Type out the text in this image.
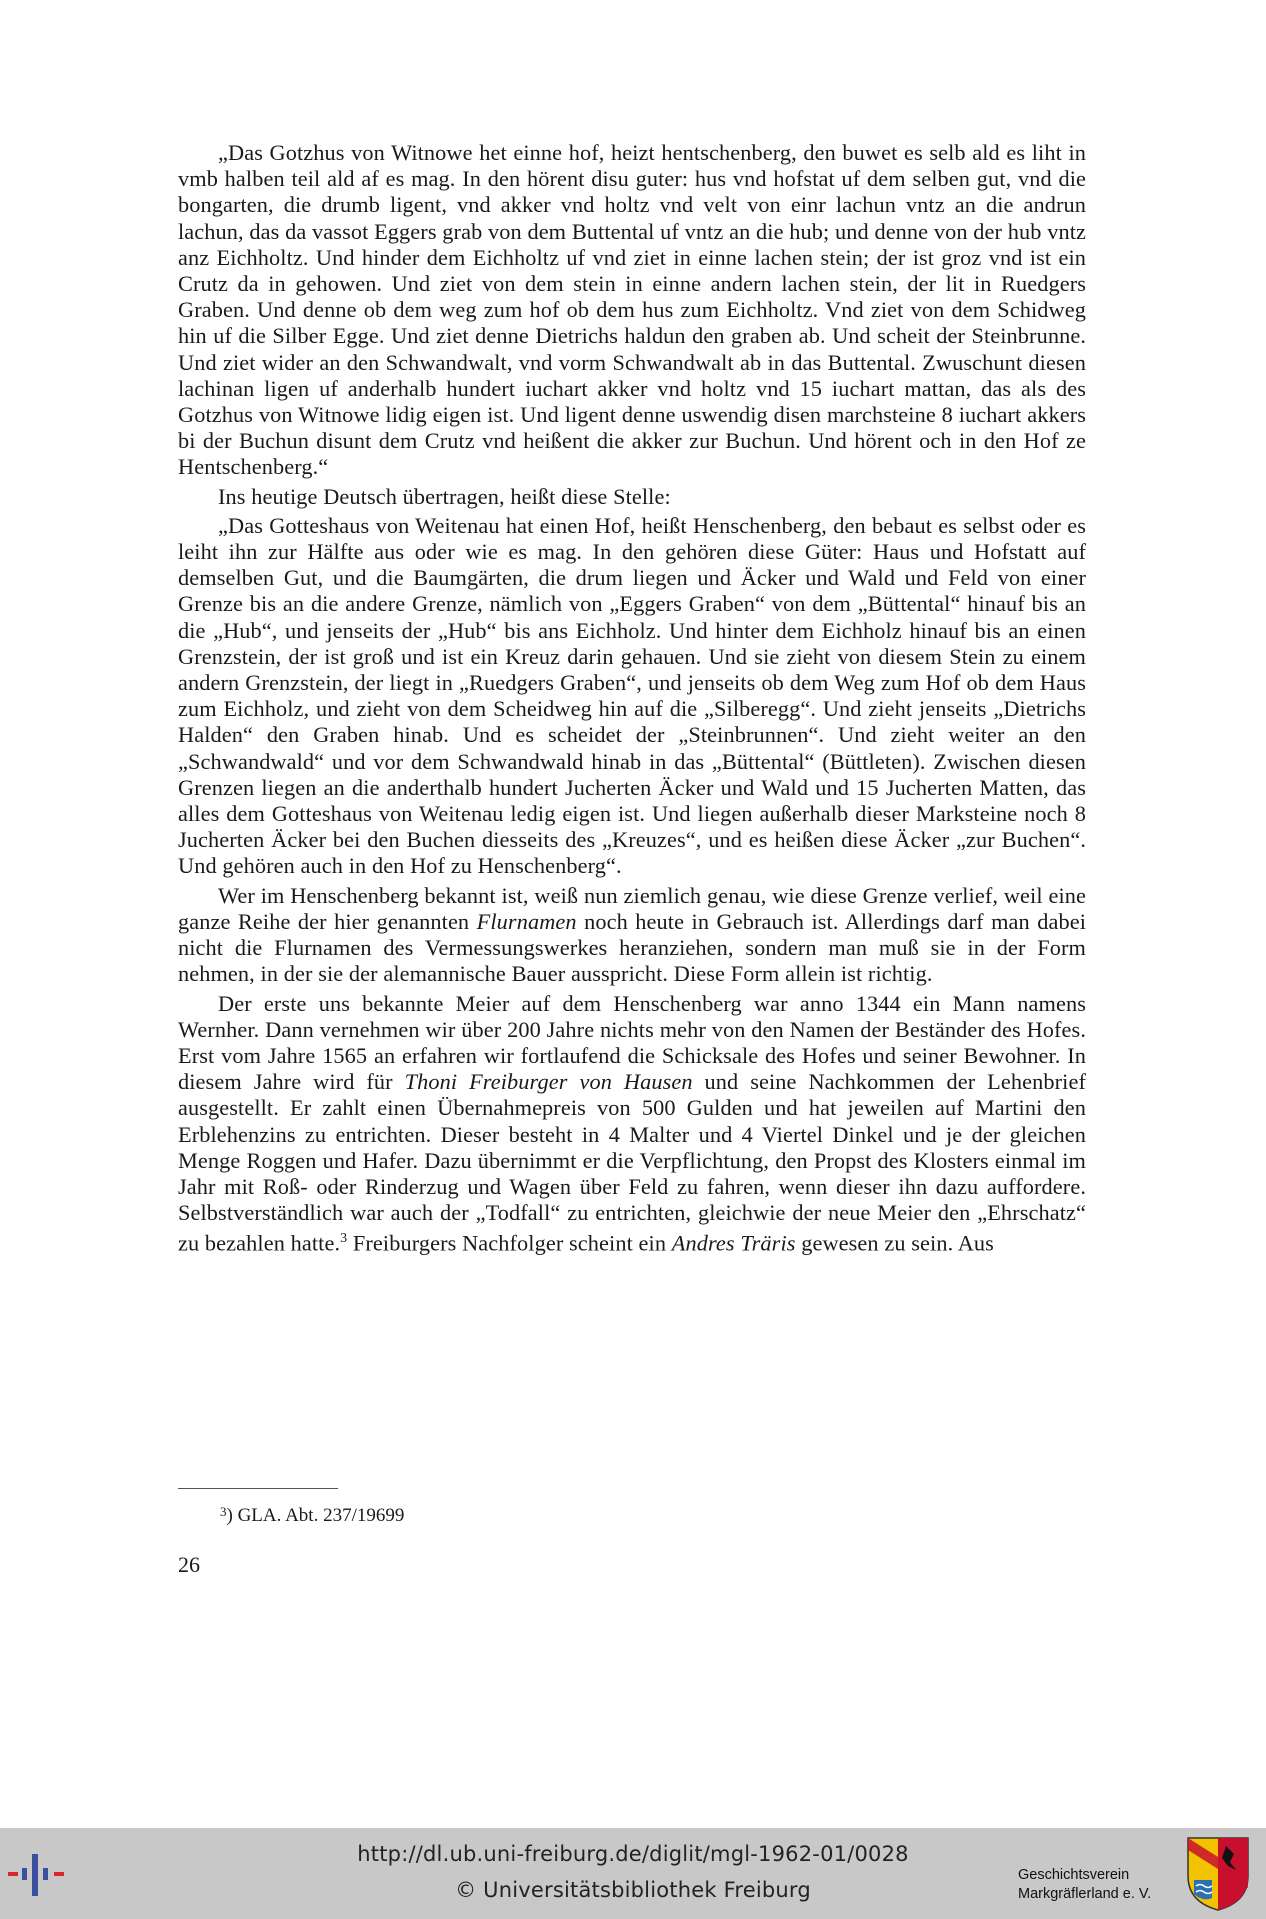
„Das Gotzhus von Witnowe het einne hof, heizt hentschenberg, den buwet es selb ald es liht in vmb halben teil ald af es mag. In den hörent disu guter: hus vnd hofstat uf dem selben gut, vnd die bongarten, die drumb ligent, vnd akker vnd holtz vnd velt von einr lachun vntz an die andrun lachun, das da vassot Eggers grab von dem Buttental uf vntz an die hub; und denne von der hub vntz anz Eichholtz. Und hinder dem Eichholtz uf vnd ziet in einne lachen stein; der ist groz vnd ist ein Crutz da in gehowen. Und ziet von dem stein in einne andern lachen stein, der lit in Ruedgers Graben. Und denne ob dem weg zum hof ob dem hus zum Eichholtz. Vnd ziet von dem Schidweg hin uf die Silber Egge. Und ziet denne Dietrichs haldun den graben ab. Und scheit der Steinbrunne. Und ziet wider an den Schwandwalt, vnd vorm Schwandwalt ab in das Buttental. Zwuschunt diesen lachinan ligen uf anderhalb hundert iuchart akker vnd holtz vnd 15 iuchart mattan, das als des Gotzhus von Witnowe lidig eigen ist. Und ligent denne uswendig disen marchsteine 8 iuchart akkers bi der Buchun disunt dem Crutz vnd heißent die akker zur Buchun. Und hörent och in den Hof ze Hentschenberg.“

Ins heutige Deutsch übertragen, heißt diese Stelle:

„Das Gotteshaus von Weitenau hat einen Hof, heißt Henschenberg, den bebaut es selbst oder es leiht ihn zur Hälfte aus oder wie es mag. In den gehören diese Güter: Haus und Hofstatt auf demselben Gut, und die Baumgärten, die drum liegen und Äcker und Wald und Feld von einer Grenze bis an die andere Grenze, nämlich von „Eggers Graben“ von dem „Büttental“ hinauf bis an die „Hub“, und jenseits der „Hub“ bis ans Eichholz. Und hinter dem Eichholz hinauf bis an einen Grenzstein, der ist groß und ist ein Kreuz darin gehauen. Und sie zieht von diesem Stein zu einem andern Grenzstein, der liegt in „Ruedgers Graben“, und jenseits ob dem Weg zum Hof ob dem Haus zum Eichholz, und zieht von dem Scheidweg hin auf die „Silberegg“. Und zieht jenseits „Dietrichs Halden“ den Graben hinab. Und es scheidet der „Steinbrunnen“. Und zieht weiter an den „Schwandwald“ und vor dem Schwandwald hinab in das „Büttental“ (Büttleten). Zwischen diesen Grenzen liegen an die anderthalb hundert Jucherten Äcker und Wald und 15 Jucherten Matten, das alles dem Gotteshaus von Weitenau ledig eigen ist. Und liegen außerhalb dieser Marksteine noch 8 Jucherten Äcker bei den Buchen diesseits des „Kreuzes“, und es heißen diese Äcker „zur Buchen“. Und gehören auch in den Hof zu Henschenberg“.

Wer im Henschenberg bekannt ist, weiß nun ziemlich genau, wie diese Grenze verlief, weil eine ganze Reihe der hier genannten Flurnamen noch heute in Gebrauch ist. Allerdings darf man dabei nicht die Flurnamen des Vermessungswerkes heranziehen, sondern man muß sie in der Form nehmen, in der sie der alemannische Bauer ausspricht. Diese Form allein ist richtig.

Der erste uns bekannte Meier auf dem Henschenberg war anno 1344 ein Mann namens Wernher. Dann vernehmen wir über 200 Jahre nichts mehr von den Namen der Beständer des Hofes. Erst vom Jahre 1565 an erfahren wir fortlaufend die Schicksale des Hofes und seiner Bewohner. In diesem Jahre wird für Thoni Freiburger von Hausen und seine Nachkommen der Lehenbrief ausgestellt. Er zahlt einen Übernahmepreis von 500 Gulden und hat jeweilen auf Martini den Erblehenzins zu entrichten. Dieser besteht in 4 Malter und 4 Viertel Dinkel und je der gleichen Menge Roggen und Hafer. Dazu übernimmt er die Verpflichtung, den Propst des Klosters einmal im Jahr mit Roß- oder Rinderzug und Wagen über Feld zu fahren, wenn dieser ihn dazu auffordere. Selbstverständlich war auch der „Todfall“ zu entrichten, gleichwie der neue Meier den „Ehrschatz“ zu bezahlen hatte.$^3$ Freiburgers Nachfolger scheint ein Andres Träris gewesen zu sein. Aus

$^3$) GLA. Abt. 237/19699
26
http://dl.ub.uni-freiburg.de/diglit/mgl-1962-01/0028
© Universitätsbibliothek Freiburg
Geschichtsverein
Markgräflerland e. V.
